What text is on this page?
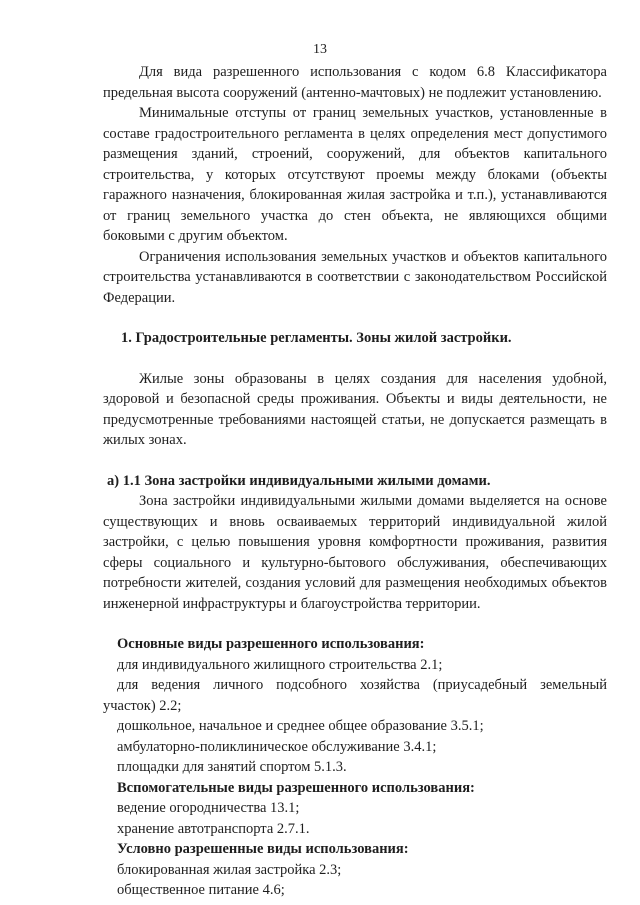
13

Для вида разрешенного использования с кодом 6.8 Классификатора предельная высота сооружений (антенно-мачтовых) не подлежит установлению.

Минимальные отступы от границ земельных участков, установленные в составе градостроительного регламента в целях определения мест допустимого размещения зданий, строений, сооружений, для объектов капитального строительства, у которых отсутствуют проемы между блоками (объекты гаражного назначения, блокированная жилая застройка и т.п.), устанавливаются от границ земельного участка до стен объекта, не являющихся общими боковыми с другим объектом.

Ограничения использования земельных участков и объектов капитального строительства устанавливаются в соответствии с законодательством Российской Федерации.

1. Градостроительные регламенты. Зоны жилой застройки.

Жилые зоны образованы в целях создания для населения удобной, здоровой и безопасной среды проживания. Объекты и виды деятельности, не предусмотренные требованиями настоящей статьи, не допускается размещать в жилых зонах.

а) 1.1 Зона застройки индивидуальными жилыми домами.

Зона застройки индивидуальными жилыми домами выделяется на основе существующих и вновь осваиваемых территорий индивидуальной жилой застройки, с целью повышения уровня комфортности проживания, развития сферы социального и культурно-бытового обслуживания, обеспечивающих потребности жителей, создания условий для размещения необходимых объектов инженерной инфраструктуры и благоустройства территории.

Основные виды разрешенного использования:

для индивидуального жилищного строительства 2.1;

для ведения личного подсобного хозяйства (приусадебный земельный участок) 2.2;

дошкольное, начальное и среднее общее образование 3.5.1;

амбулаторно-поликлиническое обслуживание 3.4.1;

площадки для занятий спортом 5.1.3.

Вспомогательные виды разрешенного использования:

ведение огородничества 13.1;

хранение автотранспорта 2.7.1.

Условно разрешенные виды использования:

блокированная жилая застройка 2.3;

общественное питание 4.6;
